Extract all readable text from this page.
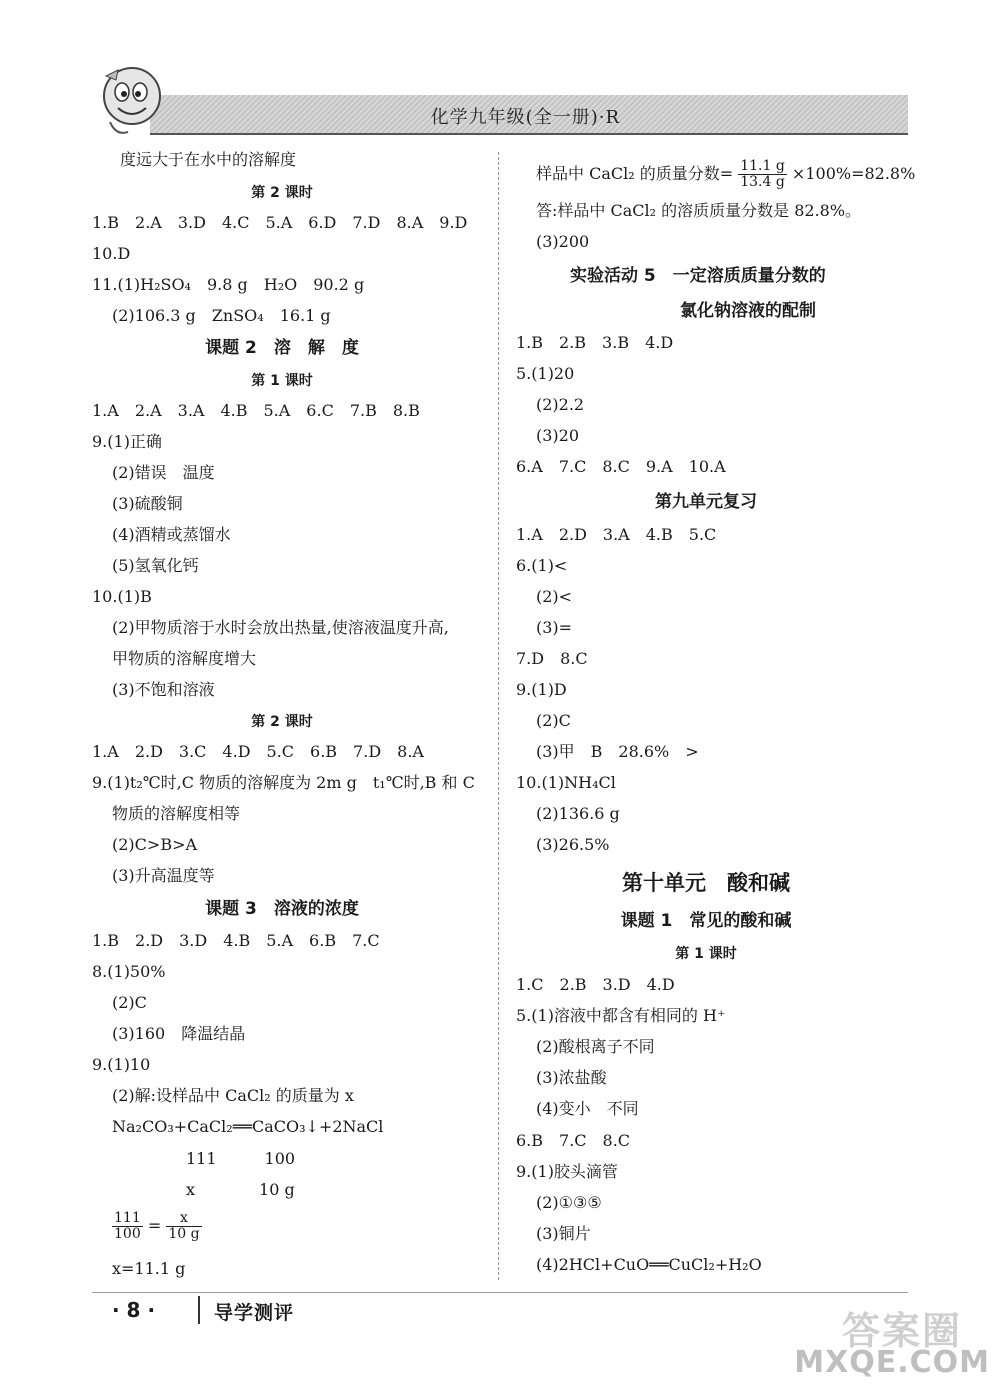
化学九年级(全一册)·R
度远大于在水中的溶解度
第 2 课时
1.B　2.A　3.D　4.C　5.A　6.D　7.D　8.A　9.D
10.D
11.(1)H₂SO₄　9.8 g　H₂O　90.2 g
(2)106.3 g　ZnSO₄　16.1 g
课题 2　溶　解　度
第 1 课时
1.A　2.A　3.A　4.B　5.A　6.C　7.B　8.B
9.(1)正确
(2)错误　温度
(3)硫酸铜
(4)酒精或蒸馏水
(5)氢氧化钙
10.(1)B
(2)甲物质溶于水时会放出热量,使溶液温度升高,
甲物质的溶解度增大
(3)不饱和溶液
第 2 课时
1.A　2.D　3.C　4.D　5.C　6.B　7.D　8.A
9.(1)t₂℃时,C 物质的溶解度为 2m g　t₁℃时,B 和 C
物质的溶解度相等
(2)C>B>A
(3)升高温度等
课题 3　溶液的浓度
1.B　2.D　3.D　4.B　5.A　6.B　7.C
8.(1)50%
(2)C
(3)160　降温结晶
9.(1)10
(2)解:设样品中 CaCl₂ 的质量为 x
Na₂CO₃+CaCl₂══CaCO₃↓+2NaCl
111　　　100
x　　　　10 g
$\frac{111}{100} = \frac{x}{10 g}$
x=11.1 g
样品中 CaCl₂ 的质量分数= $\frac{11.1 g}{13.4 g} \times 100\%=82.8\%$
答:样品中 CaCl₂ 的溶质质量分数是 82.8%。
(3)200
实验活动 5　一定溶质质量分数的
氯化钠溶液的配制
1.B　2.B　3.B　4.D
5.(1)20
(2)2.2
(3)20
6.A　7.C　8.C　9.A　10.A
第九单元复习
1.A　2.D　3.A　4.B　5.C
6.(1)<
(2)<
(3)=
7.D　8.C
9.(1)D
(2)C
(3)甲　B　28.6%　>
10.(1)NH₄Cl
(2)136.6 g
(3)26.5%
第十单元　酸和碱
课题 1　常见的酸和碱
第 1 课时
1.C　2.B　3.D　4.D
5.(1)溶液中都含有相同的 H⁺
(2)酸根离子不同
(3)浓盐酸
(4)变小　不同
6.B　7.C　8.C
9.(1)胶头滴管
(2)①③⑤
(3)铜片
(4)2HCl+CuO══CuCl₂+H₂O
· 8 ·	导学测评	答案圈
MXQE.COM
